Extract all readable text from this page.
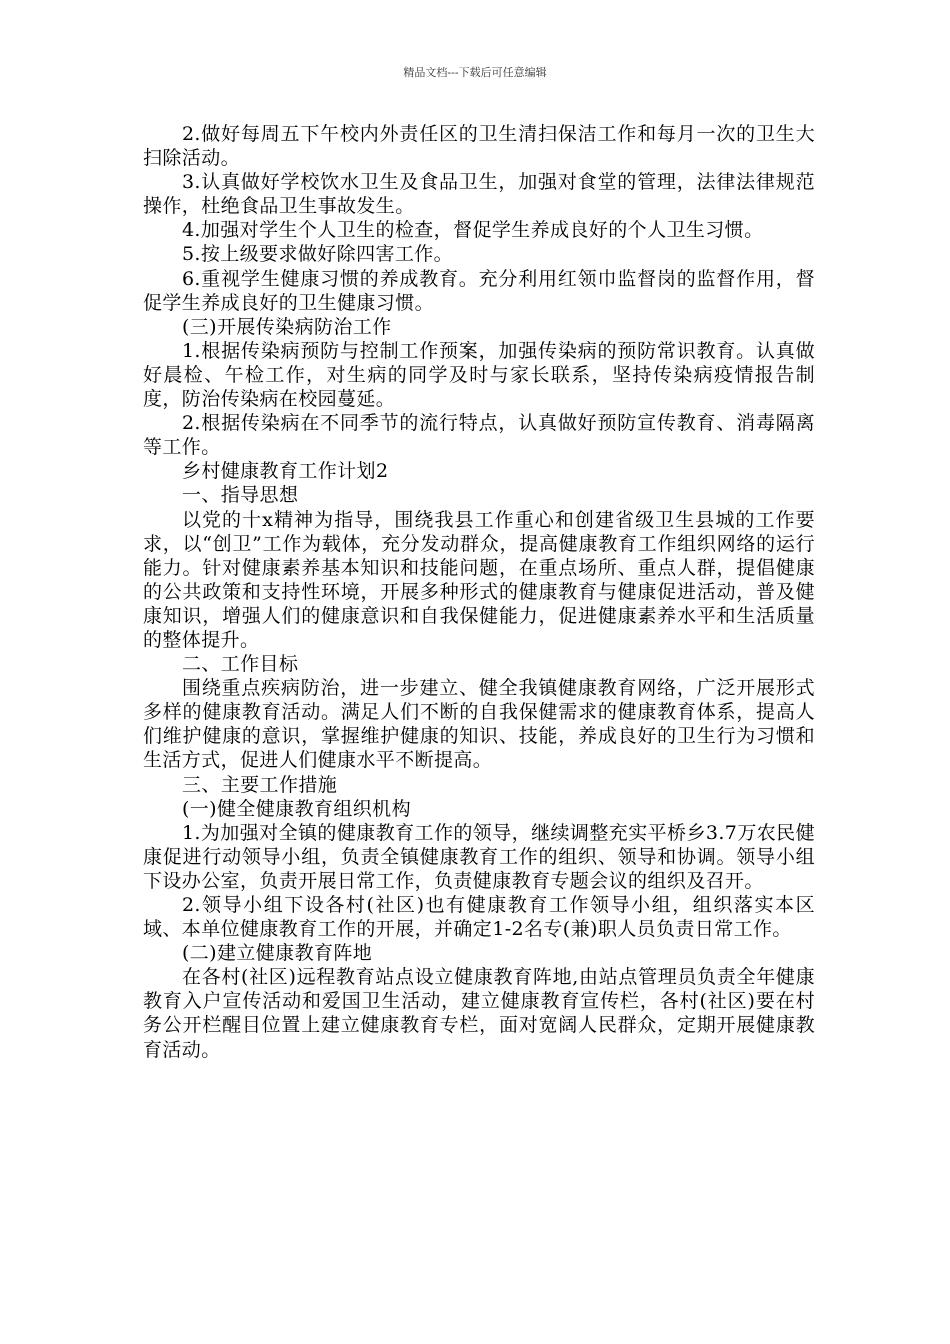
精品文档---下载后可任意编辑

2.做好每周五下午校内外责任区的卫生清扫保洁工作和每月一次的卫生大扫除活动。

3.认真做好学校饮水卫生及食品卫生，加强对食堂的管理，法律法律规范操作，杜绝食品卫生事故发生。

4.加强对学生个人卫生的检查，督促学生养成良好的个人卫生习惯。

5.按上级要求做好除四害工作。

6.重视学生健康习惯的养成教育。充分利用红领巾监督岗的监督作用，督促学生养成良好的卫生健康习惯。

(三)开展传染病防治工作

1.根据传染病预防与控制工作预案，加强传染病的预防常识教育。认真做好晨检、午检工作，对生病的同学及时与家长联系，坚持传染病疫情报告制度，防治传染病在校园蔓延。

2.根据传染病在不同季节的流行特点，认真做好预防宣传教育、消毒隔离等工作。

乡村健康教育工作计划2

一、指导思想

以党的十x精神为指导，围绕我县工作重心和创建省级卫生县城的工作要求，以“创卫”工作为载体，充分发动群众，提高健康教育工作组织网络的运行能力。针对健康素养基本知识和技能问题，在重点场所、重点人群，提倡健康的公共政策和支持性环境，开展多种形式的健康教育与健康促进活动，普及健康知识，增强人们的健康意识和自我保健能力，促进健康素养水平和生活质量的整体提升。

二、工作目标

围绕重点疾病防治，进一步建立、健全我镇健康教育网络，广泛开展形式多样的健康教育活动。满足人们不断的自我保健需求的健康教育体系，提高人们维护健康的意识，掌握维护健康的知识、技能，养成良好的卫生行为习惯和生活方式，促进人们健康水平不断提高。

三、主要工作措施

(一)健全健康教育组织机构

1.为加强对全镇的健康教育工作的领导，继续调整充实平桥乡3.7万农民健康促进行动领导小组，负责全镇健康教育工作的组织、领导和协调。领导小组下设办公室，负责开展日常工作，负责健康教育专题会议的组织及召开。

2.领导小组下设各村(社区)也有健康教育工作领导小组，组织落实本区域、本单位健康教育工作的开展，并确定1-2名专(兼)职人员负责日常工作。

(二)建立健康教育阵地

在各村(社区)远程教育站点设立健康教育阵地,由站点管理员负责全年健康教育入户宣传活动和爱国卫生活动，建立健康教育宣传栏，各村(社区)要在村务公开栏醒目位置上建立健康教育专栏，面对宽阔人民群众，定期开展健康教育活动。
